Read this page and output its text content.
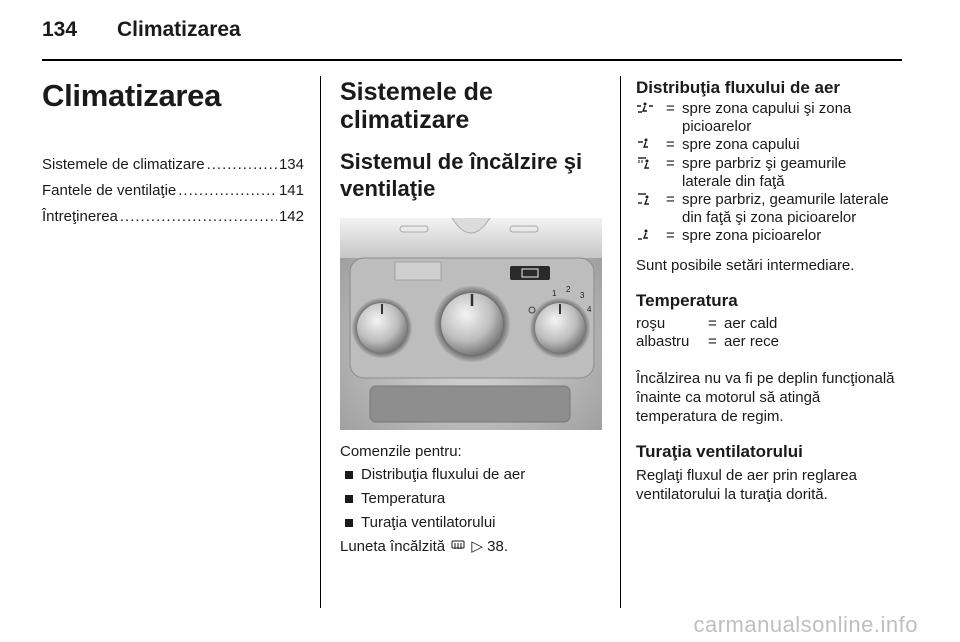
134 Climatizarea
Climatizarea
Sistemele de climatizare .....	134
Fantele de ventilaţie .....	141
Întreţinerea .....	142
Sistemele de climatizare
Sistemul de încălzire şi ventilaţie
1 2
3
4
Comenzile pentru:
Distribuţia fluxului de aer
Temperatura
Turaţia ventilatorului
Luneta încălzită ▷ 38.
Distribuţia fluxului de aer
= spre zona capului şi zona picioarelor
= spre zona capului
= spre parbriz şi geamurile laterale din faţă
= spre parbriz, geamurile laterale din faţă şi zona picioarelor
= spre zona picioarelor
Sunt posibile setări intermediare.
Temperatura
roşu	= aer cald
albastru	= aer rece
Încălzirea nu va fi pe deplin funcţională înainte ca motorul să atingă temperatura de regim.
Turaţia ventilatorului
Reglaţi fluxul de aer prin reglarea ventilatorului la turaţia dorită.
carmanualsonline.info
